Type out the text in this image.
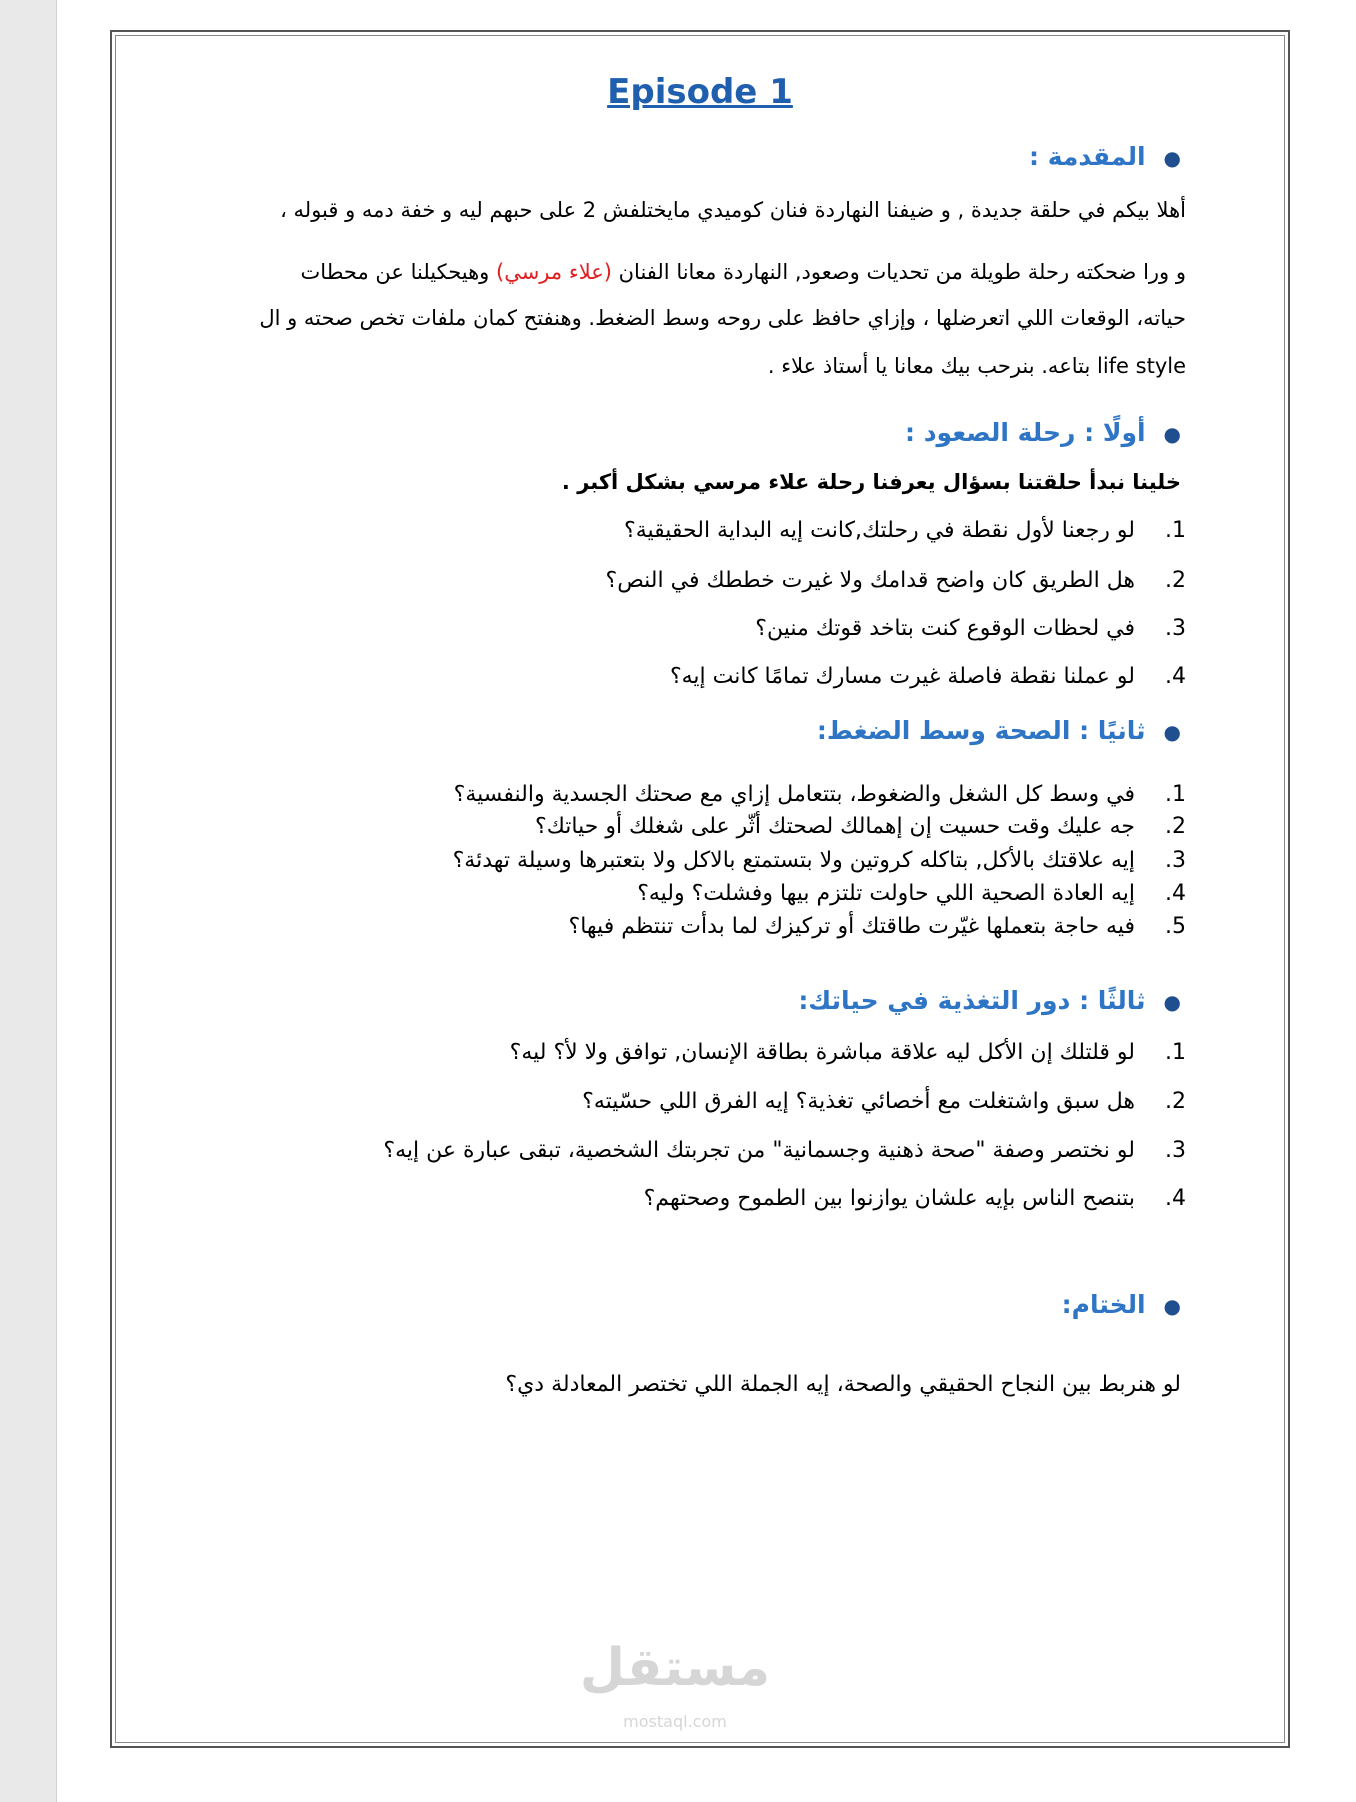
Episode 1
●المقدمة :
أهلا بيكم في حلقة جديدة , و ضيفنا النهاردة فنان كوميدي مايختلفش 2 على حبهم ليه و خفة دمه و قبوله ،
و ورا ضحكته رحلة طويلة من تحديات وصعود, النهاردة معانا الفنان (علاء مرسي) وهيحكيلنا عن محطات
حياته، الوقعات اللي اتعرضلها ، وإزاي حافظ على روحه وسط الضغط. وهنفتح كمان ملفات تخص صحته و ال
life style بتاعه. بنرحب بيك معانا يا أستاذ علاء .
●أولًا : رحلة الصعود :
خلينا نبدأ حلقتنا بسؤال يعرفنا رحلة علاء مرسي بشكل أكبر .
1. لو رجعنا لأول نقطة في رحلتك,كانت إيه البداية الحقيقية؟
2. هل الطريق كان واضح قدامك ولا غيرت خططك في النص؟
3. في لحظات الوقوع كنت بتاخد قوتك منين؟
4. لو عملنا نقطة فاصلة غيرت مسارك تمامًا كانت إيه؟
●ثانيًا : الصحة وسط الضغط:
1. في وسط كل الشغل والضغوط، بتتعامل إزاي مع صحتك الجسدية والنفسية؟
2. جه عليك وقت حسيت إن إهمالك لصحتك أثّر على شغلك أو حياتك؟
3. إيه علاقتك بالأكل, بتاكله كروتين ولا بتستمتع بالاكل ولا بتعتبرها وسيلة تهدئة؟
4. إيه العادة الصحية اللي حاولت تلتزم بيها وفشلت؟ وليه؟
5. فيه حاجة بتعملها غيّرت طاقتك أو تركيزك لما بدأت تنتظم فيها؟
●ثالثًا : دور التغذية في حياتك:
1. لو قلتلك إن الأكل ليه علاقة مباشرة بطاقة الإنسان, توافق ولا لأ؟ ليه؟
2. هل سبق واشتغلت مع أخصائي تغذية؟ إيه الفرق اللي حسّيته؟
3. لو نختصر وصفة "صحة ذهنية وجسمانية" من تجربتك الشخصية، تبقى عبارة عن إيه؟
4. بتنصح الناس بإيه علشان يوازنوا بين الطموح وصحتهم؟
●الختام:
لو هنربط بين النجاح الحقيقي والصحة، إيه الجملة اللي تختصر المعادلة دي؟
مستقل
mostaql.com
